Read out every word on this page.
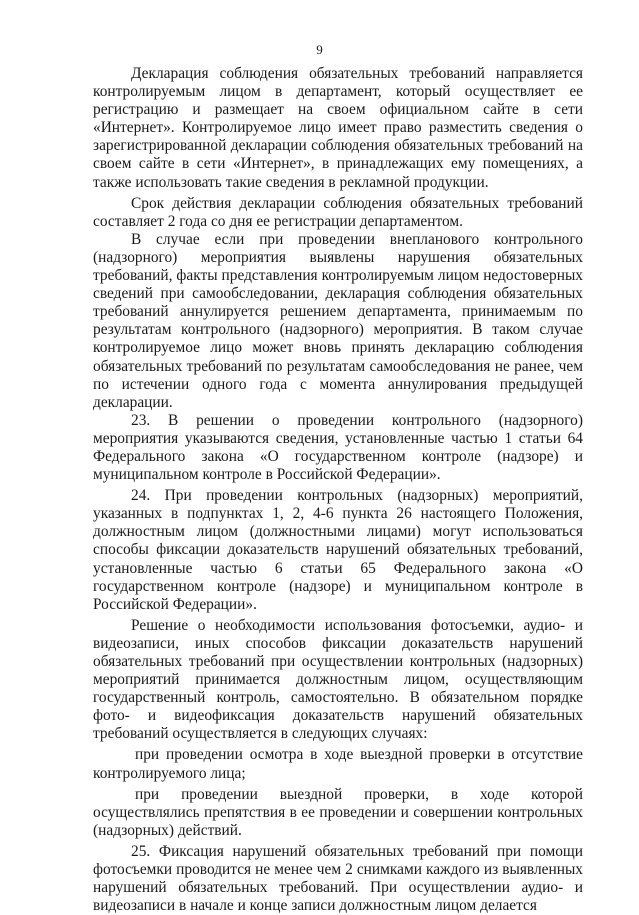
9

Декларация соблюдения обязательных требований направляется контролируемым лицом в департамент, который осуществляет ее регистрацию и размещает на своем официальном сайте в сети «Интернет». Контролируемое лицо имеет право разместить сведения о зарегистрированной декларации соблюдения обязательных требований на своем сайте в сети «Интернет», в принадлежащих ему помещениях, а также использовать такие сведения в рекламной продукции.

Срок действия декларации соблюдения обязательных требований составляет 2 года со дня ее регистрации департаментом.

В случае если при проведении внепланового контрольного (надзорного) мероприятия выявлены нарушения обязательных требований, факты представления контролируемым лицом недостоверных сведений при самообследовании, декларация соблюдения обязательных требований аннулируется решением департамента, принимаемым по результатам контрольного (надзорного) мероприятия. В таком случае контролируемое лицо может вновь принять декларацию соблюдения обязательных требований по результатам самообследования не ранее, чем по истечении одного года с момента аннулирования предыдущей декларации.

23. В решении о проведении контрольного (надзорного) мероприятия указываются сведения, установленные частью 1 статьи 64 Федерального закона «О государственном контроле (надзоре) и муниципальном контроле в Российской Федерации».

24. При проведении контрольных (надзорных) мероприятий, указанных в подпунктах 1, 2, 4-6 пункта 26 настоящего Положения, должностным лицом (должностными лицами) могут использоваться способы фиксации доказательств нарушений обязательных требований, установленные частью 6 статьи 65 Федерального закона «О государственном контроле (надзоре) и муниципальном контроле в Российской Федерации».

Решение о необходимости использования фотосъемки, аудио- и видеозаписи, иных способов фиксации доказательств нарушений обязательных требований при осуществлении контрольных (надзорных) мероприятий принимается должностным лицом, осуществляющим государственный контроль, самостоятельно. В обязательном порядке фото- и видеофиксация доказательств нарушений обязательных требований осуществляется в следующих случаях:

при проведении осмотра в ходе выездной проверки в отсутствие контролируемого лица;

при проведении выездной проверки, в ходе которой осуществлялись препятствия в ее проведении и совершении контрольных (надзорных) действий.

25. Фиксация нарушений обязательных требований при помощи фотосъемки проводится не менее чем 2 снимками каждого из выявленных нарушений обязательных требований. При осуществлении аудио- и видеозаписи в начале и конце записи должностным лицом делается
